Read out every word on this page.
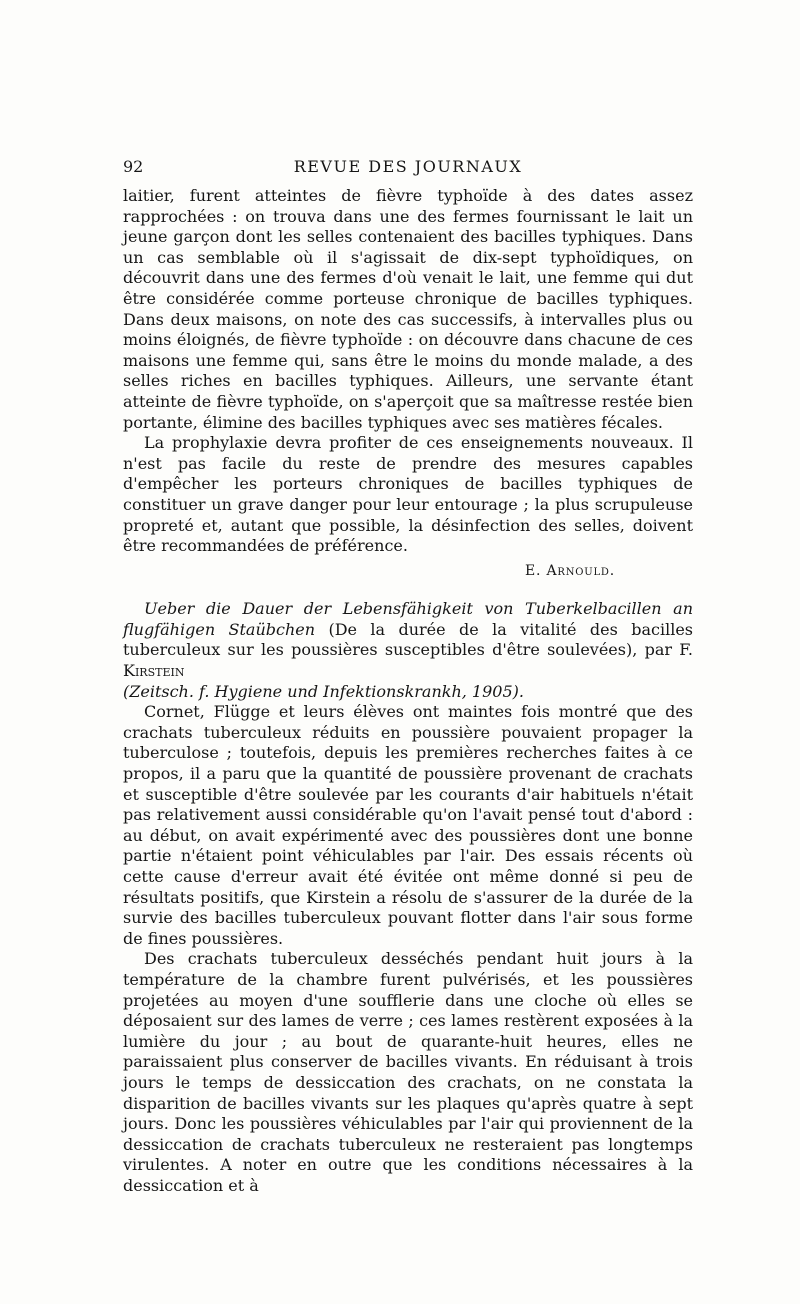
92	REVUE DES JOURNAUX

laitier, furent atteintes de fièvre typhoïde à des dates assez rapprochées : on trouva dans une des fermes fournissant le lait un jeune garçon dont les selles contenaient des bacilles typhiques. Dans un cas semblable où il s'agissait de dix-sept typhoïdiques, on découvrit dans une des fermes d'où venait le lait, une femme qui dut être considérée comme porteuse chronique de bacilles typhiques. Dans deux maisons, on note des cas successifs, à intervalles plus ou moins éloignés, de fièvre typhoïde : on découvre dans chacune de ces maisons une femme qui, sans être le moins du monde malade, a des selles riches en bacilles typhiques. Ailleurs, une servante étant atteinte de fièvre typhoïde, on s'aperçoit que sa maîtresse restée bien portante, élimine des bacilles typhiques avec ses matières fécales.

La prophylaxie devra profiter de ces enseignements nouveaux. Il n'est pas facile du reste de prendre des mesures capables d'empêcher les porteurs chroniques de bacilles typhiques de constituer un grave danger pour leur entourage ; la plus scrupuleuse propreté et, autant que possible, la désinfection des selles, doivent être recommandées de préférence.

E. Arnould.

Ueber die Dauer der Lebensfähigkeit von Tuberkelbacillen an flugfähigen Staübchen (De la durée de la vitalité des bacilles tuberculeux sur les poussières susceptibles d'être soulevées), par F. Kirstein
(Zeitsch. f. Hygiene und Infektionskrankh, 1905).

Cornet, Flügge et leurs élèves ont maintes fois montré que des crachats tuberculeux réduits en poussière pouvaient propager la tuberculose ; toutefois, depuis les premières recherches faites à ce propos, il a paru que la quantité de poussière provenant de crachats et susceptible d'être soulevée par les courants d'air habituels n'était pas relativement aussi considérable qu'on l'avait pensé tout d'abord : au début, on avait expérimenté avec des poussières dont une bonne partie n'étaient point véhiculables par l'air. Des essais récents où cette cause d'erreur avait été évitée ont même donné si peu de résultats positifs, que Kirstein a résolu de s'assurer de la durée de la survie des bacilles tuberculeux pouvant flotter dans l'air sous forme de fines poussières.

Des crachats tuberculeux desséchés pendant huit jours à la température de la chambre furent pulvérisés, et les poussières projetées au moyen d'une soufflerie dans une cloche où elles se déposaient sur des lames de verre ; ces lames restèrent exposées à la lumière du jour ; au bout de quarante-huit heures, elles ne paraissaient plus conserver de bacilles vivants. En réduisant à trois jours le temps de dessiccation des crachats, on ne constata la disparition de bacilles vivants sur les plaques qu'après quatre à sept jours. Donc les poussières véhiculables par l'air qui proviennent de la dessiccation de crachats tuberculeux ne resteraient pas longtemps virulentes. A noter en outre que les conditions nécessaires à la dessiccation et à
